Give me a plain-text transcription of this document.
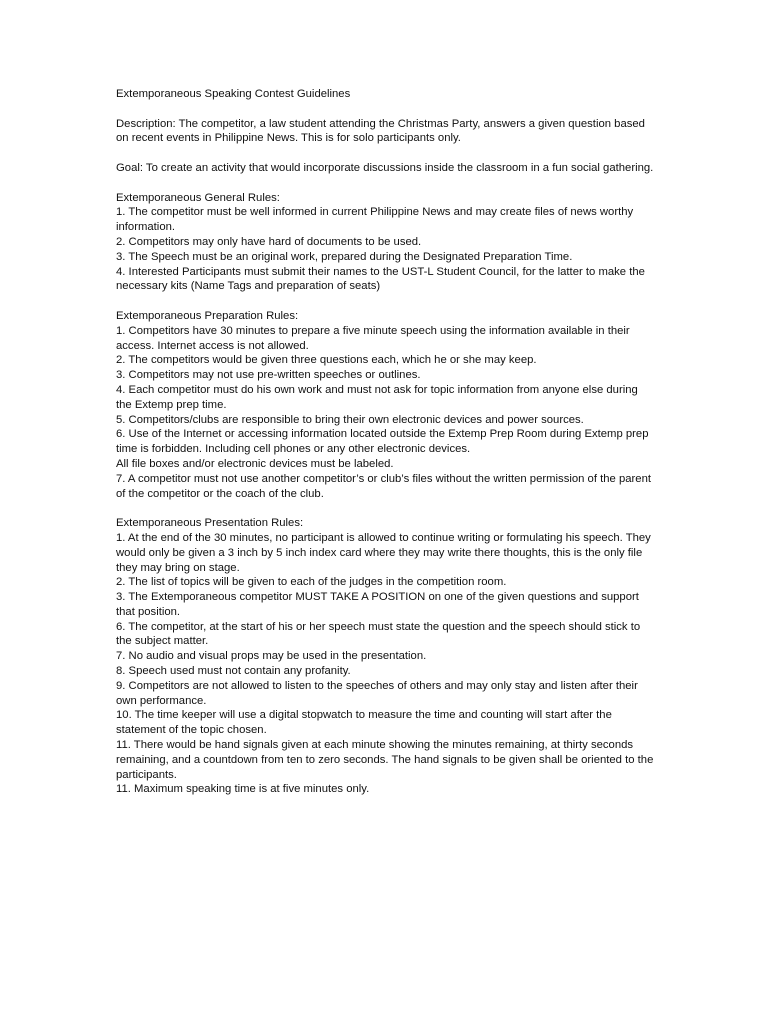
Extemporaneous Speaking Contest Guidelines

Description: The competitor, a law student attending the Christmas Party, answers a given question based on recent events in Philippine News. This is for solo participants only.

Goal: To create an activity that would incorporate discussions inside the classroom in a fun social gathering.

Extemporaneous General Rules:

1. The competitor must be well informed in current Philippine News and may create files of news worthy information.

2. Competitors may only have hard of documents to be used.

3. The Speech must be an original work, prepared during the Designated Preparation Time.

4. Interested Participants must submit their names to the UST-L Student Council, for the latter to make the necessary kits (Name Tags and preparation of seats)

Extemporaneous Preparation Rules:

1. Competitors have 30 minutes to prepare a five minute speech using the information available in their access. Internet access is not allowed.

2. The competitors would be given three questions each, which he or she may keep.

3. Competitors may not use pre-written speeches or outlines.

4. Each competitor must do his own work and must not ask for topic information from anyone else during the Extemp prep time.

5. Competitors/clubs are responsible to bring their own electronic devices and power sources.

6. Use of the Internet or accessing information located outside the Extemp Prep Room during Extemp prep time is forbidden. Including cell phones or any other electronic devices.

All file boxes and/or electronic devices must be labeled.

7. A competitor must not use another competitor’s or club’s files without the written permission of the parent of the competitor or the coach of the club.

Extemporaneous Presentation Rules:

1. At the end of the 30 minutes, no participant is allowed to continue writing or formulating his speech. They would only be given a 3 inch by 5 inch index card where they may write there thoughts, this is the only file they may bring on stage.

2. The list of topics will be given to each of the judges in the competition room.

3. The Extemporaneous competitor MUST TAKE A POSITION on one of the given questions and support that position.

6. The competitor, at the start of his or her speech must state the question and the speech should stick to the subject matter.

7. No audio and visual props may be used in the presentation.

8. Speech used must not contain any profanity.

9. Competitors are not allowed to listen to the speeches of others and may only stay and listen after their own performance.

10. The time keeper will use a digital stopwatch to measure the time and counting will start after the statement of the topic chosen.

11. There would be hand signals given at each minute showing the minutes remaining, at thirty seconds remaining, and a countdown from ten to zero seconds. The hand signals to be given shall be oriented to the participants.

11. Maximum speaking time is at five minutes only.
